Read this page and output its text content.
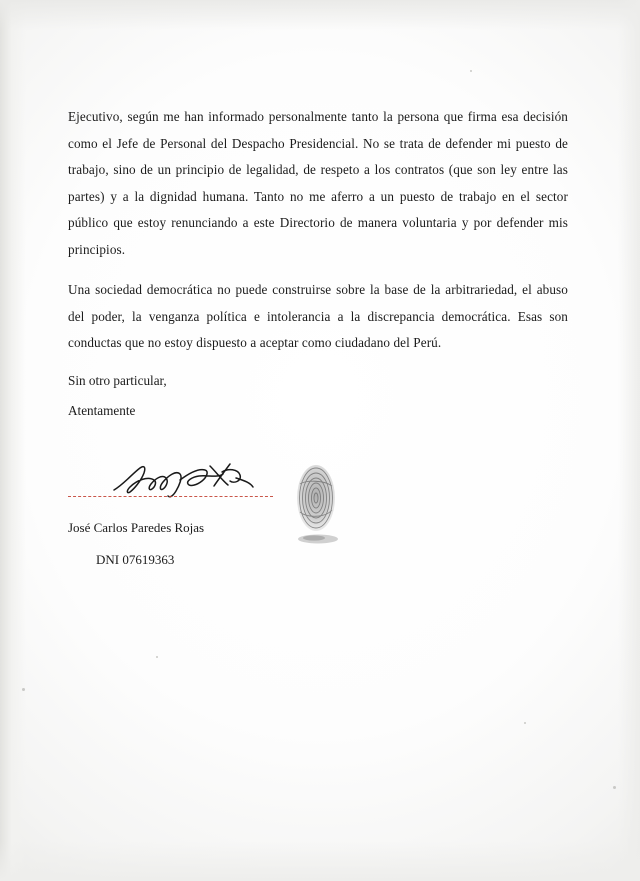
Ejecutivo, según me han informado personalmente tanto la persona que firma esa decisión como el Jefe de Personal del Despacho Presidencial. No se trata de defender mi puesto de trabajo, sino de un principio de legalidad, de respeto a los contratos (que son ley entre las partes) y a la dignidad humana. Tanto no me aferro a un puesto de trabajo en el sector público que estoy renunciando a este Directorio de manera voluntaria y por defender mis principios.

Una sociedad democrática no puede construirse sobre la base de la arbitrariedad, el abuso del poder, la venganza política e intolerancia a la discrepancia democrática. Esas son conductas que no estoy dispuesto a aceptar como ciudadano del Perú.

Sin otro particular,
Atentamente
José Carlos Paredes Rojas
DNI 07619363
